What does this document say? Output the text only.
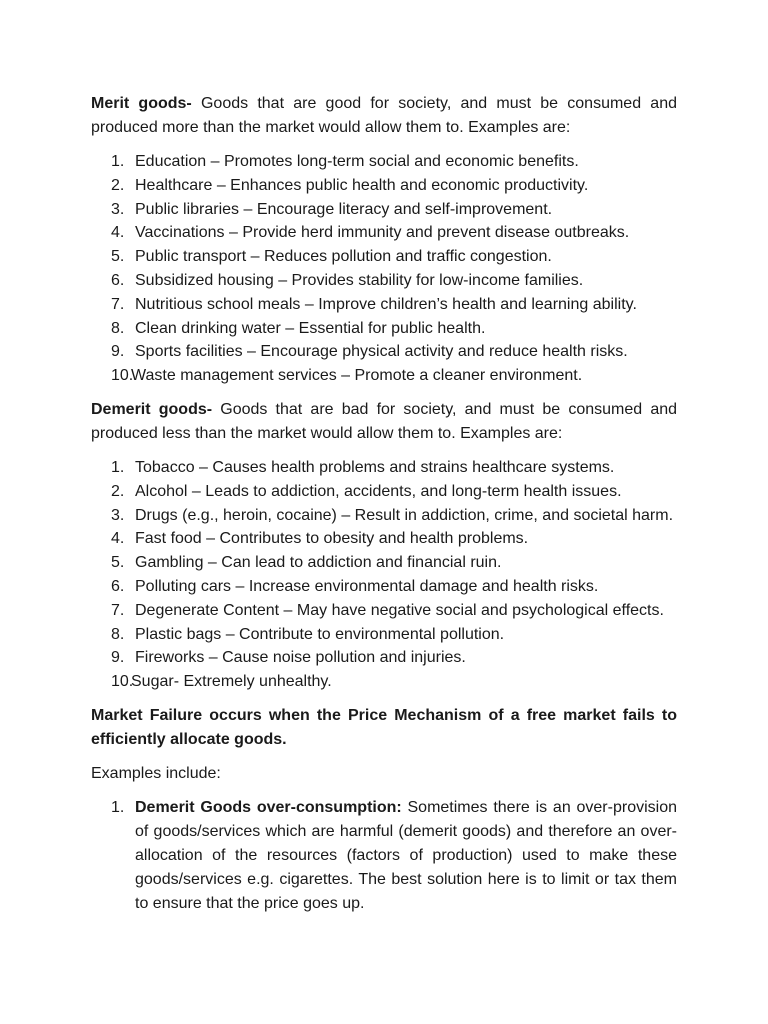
Merit goods- Goods that are good for society, and must be consumed and produced more than the market would allow them to. Examples are:

1. Education – Promotes long-term social and economic benefits.
2. Healthcare – Enhances public health and economic productivity.
3. Public libraries – Encourage literacy and self-improvement.
4. Vaccinations – Provide herd immunity and prevent disease outbreaks.
5. Public transport – Reduces pollution and traffic congestion.
6. Subsidized housing – Provides stability for low-income families.
7. Nutritious school meals – Improve children’s health and learning ability.
8. Clean drinking water – Essential for public health.
9. Sports facilities – Encourage physical activity and reduce health risks.
10.
Waste management services – Promote a cleaner environment.

Demerit goods- Goods that are bad for society, and must be consumed and produced less than the market would allow them to. Examples are:

1. Tobacco – Causes health problems and strains healthcare systems.
2. Alcohol – Leads to addiction, accidents, and long-term health issues.
3. Drugs (e.g., heroin, cocaine) – Result in addiction, crime, and societal harm.
4. Fast food – Contributes to obesity and health problems.
5. Gambling – Can lead to addiction and financial ruin.
6. Polluting cars – Increase environmental damage and health risks.
7. Degenerate Content – May have negative social and psychological effects.
8. Plastic bags – Contribute to environmental pollution.
9. Fireworks – Cause noise pollution and injuries.
10.
Sugar- Extremely unhealthy.

Market Failure occurs when the Price Mechanism of a free market fails to efficiently allocate goods.

Examples include:

1. Demerit Goods over-consumption: Sometimes there is an over-provision of goods/services which are harmful (demerit goods) and therefore an over-allocation of the resources (factors of production) used to make these goods/services e.g. cigarettes. The best solution here is to limit or tax them to ensure that the price goes up.
